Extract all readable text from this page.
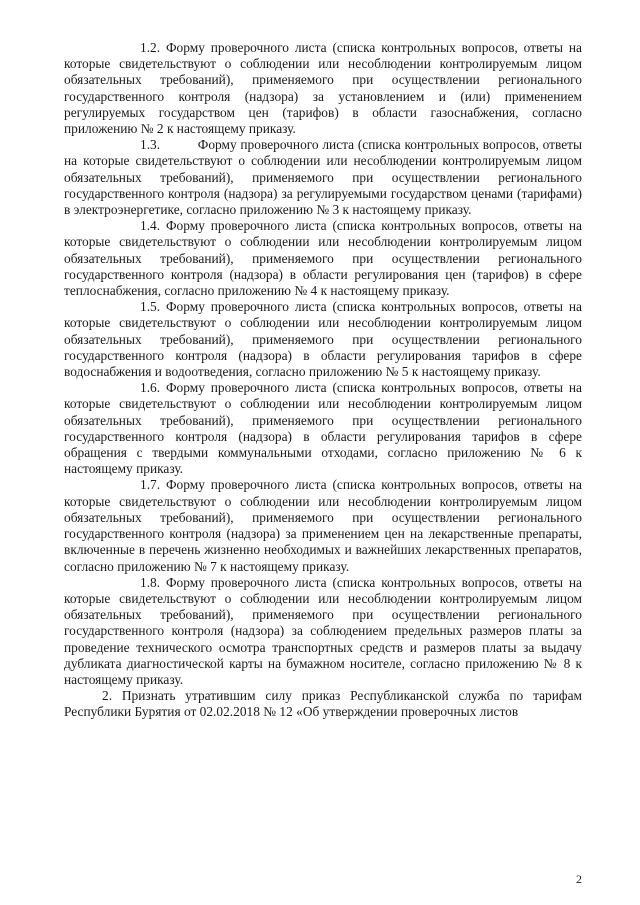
1.2. Форму проверочного листа (списка контрольных вопросов, ответы на которые свидетельствуют о соблюдении или несоблюдении контролируемым лицом обязательных требований), применяемого при осуществлении регионального государственного контроля (надзора) за установлением и (или) применением регулируемых государством цен (тарифов) в области газоснабжения, согласно приложению № 2 к настоящему приказу.

1.3.	Форму проверочного листа (списка контрольных вопросов, ответы на которые свидетельствуют о соблюдении или несоблюдении контролируемым лицом обязательных требований), применяемого при осуществлении регионального государственного контроля (надзора) за регулируемыми государством ценами (тарифами) в электроэнергетике, согласно приложению № 3 к настоящему приказу.

1.4. Форму проверочного листа (списка контрольных вопросов, ответы на которые свидетельствуют о соблюдении или несоблюдении контролируемым лицом обязательных требований), применяемого при осуществлении регионального государственного контроля (надзора) в области регулирования цен (тарифов) в сфере теплоснабжения, согласно приложению № 4 к настоящему приказу.

1.5. Форму проверочного листа (списка контрольных вопросов, ответы на которые свидетельствуют о соблюдении или несоблюдении контролируемым лицом обязательных требований), применяемого при осуществлении регионального государственного контроля (надзора) в области регулирования тарифов в сфере водоснабжения и водоотведения, согласно приложению № 5 к настоящему приказу.

1.6. Форму проверочного листа (списка контрольных вопросов, ответы на которые свидетельствуют о соблюдении или несоблюдении контролируемым лицом обязательных требований), применяемого при осуществлении регионального государственного контроля (надзора) в области регулирования тарифов в сфере обращения с твердыми коммунальными отходами, согласно приложению № 6 к настоящему приказу.

1.7. Форму проверочного листа (списка контрольных вопросов, ответы на которые свидетельствуют о соблюдении или несоблюдении контролируемым лицом обязательных требований), применяемого при осуществлении регионального государственного контроля (надзора) за применением цен на лекарственные препараты, включенные в перечень жизненно необходимых и важнейших лекарственных препаратов, согласно приложению № 7 к настоящему приказу.

1.8. Форму проверочного листа (списка контрольных вопросов, ответы на которые свидетельствуют о соблюдении или несоблюдении контролируемым лицом обязательных требований), применяемого при осуществлении регионального государственного контроля (надзора) за соблюдением предельных размеров платы за проведение технического осмотра транспортных средств и размеров платы за выдачу дубликата диагностической карты на бумажном носителе, согласно приложению № 8 к настоящему приказу.

2. Признать утратившим силу приказ Республиканской служба по тарифам Республики Бурятия от 02.02.2018 № 12 «Об утверждении проверочных листов

2
